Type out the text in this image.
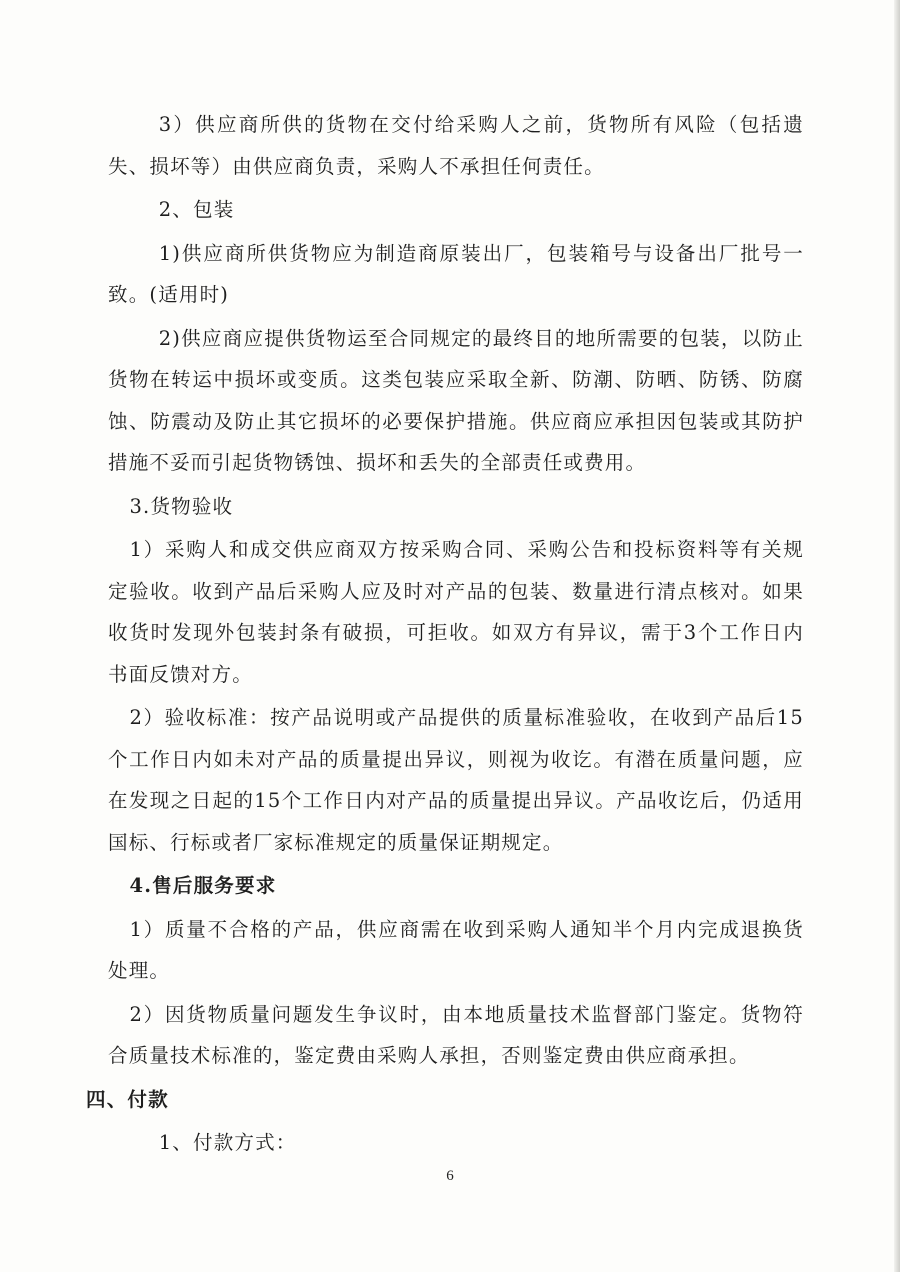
3）供应商所供的货物在交付给采购人之前，货物所有风险（包括遗失、损坏等）由供应商负责，采购人不承担任何责任。

2、包装

1)供应商所供货物应为制造商原装出厂，包装箱号与设备出厂批号一致。(适用时)

2)供应商应提供货物运至合同规定的最终目的地所需要的包装，以防止货物在转运中损坏或变质。这类包装应采取全新、防潮、防晒、防锈、防腐蚀、防震动及防止其它损坏的必要保护措施。供应商应承担因包装或其防护措施不妥而引起货物锈蚀、损坏和丢失的全部责任或费用。

3.货物验收

1）采购人和成交供应商双方按采购合同、采购公告和投标资料等有关规定验收。收到产品后采购人应及时对产品的包装、数量进行清点核对。如果收货时发现外包装封条有破损，可拒收。如双方有异议，需于3个工作日内书面反馈对方。

2）验收标准：按产品说明或产品提供的质量标准验收，在收到产品后15个工作日内如未对产品的质量提出异议，则视为收讫。有潜在质量问题，应在发现之日起的15个工作日内对产品的质量提出异议。产品收讫后，仍适用国标、行标或者厂家标准规定的质量保证期规定。

4.售后服务要求

1）质量不合格的产品，供应商需在收到采购人通知半个月内完成退换货处理。

2）因货物质量问题发生争议时，由本地质量技术监督部门鉴定。货物符合质量技术标准的，鉴定费由采购人承担，否则鉴定费由供应商承担。

四、付款

1、付款方式：

6
